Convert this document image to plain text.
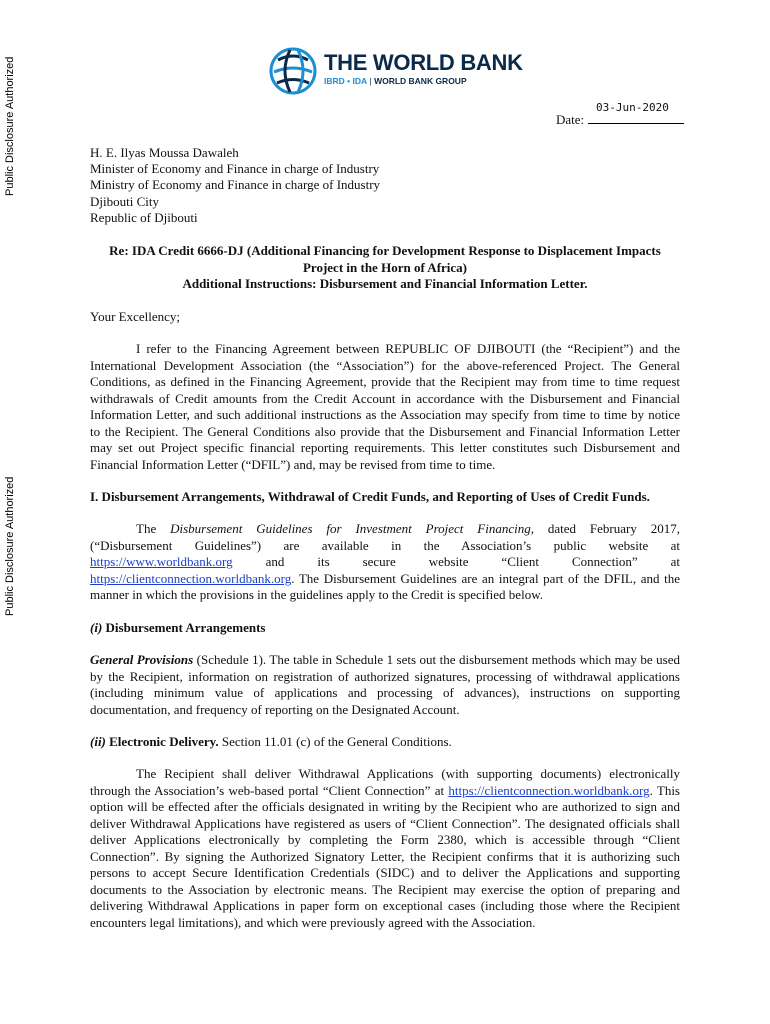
Public Disclosure Authorized
Public Disclosure Authorized
THE WORLD BANK
IBRD • IDA | WORLD BANK GROUP
03-Jun-2020
Date:
H. E. Ilyas Moussa Dawaleh
Minister of Economy and Finance in charge of Industry
Ministry of Economy and Finance in charge of Industry
Djibouti City
Republic of Djibouti
Re: IDA Credit 6666-DJ (Additional Financing for Development Response to Displacement Impacts
Project in the Horn of Africa)
Additional Instructions: Disbursement and Financial Information Letter.
Your Excellency;
I refer to the Financing Agreement between REPUBLIC OF DJIBOUTI (the “Recipient”) and the International Development Association (the “Association”) for the above-referenced Project. The General Conditions, as defined in the Financing Agreement, provide that the Recipient may from time to time request withdrawals of Credit amounts from the Credit Account in accordance with the Disbursement and Financial Information Letter, and such additional instructions as the Association may specify from time to time by notice to the Recipient. The General Conditions also provide that the Disbursement and Financial Information Letter may set out Project specific financial reporting requirements. This letter constitutes such Disbursement and Financial Information Letter (“DFIL”) and, may be revised from time to time.
I. Disbursement Arrangements, Withdrawal of Credit Funds, and Reporting of Uses of Credit Funds.
The Disbursement Guidelines for Investment Project Financing, dated February 2017,
(“Disbursement Guidelines”) are available in the Association’s public website at
https://www.worldbank.org and its secure website “Client Connection” at
https://clientconnection.worldbank.org. The Disbursement Guidelines are an integral part of the DFIL, and the manner in which the provisions in the guidelines apply to the Credit is specified below.
(i) Disbursement Arrangements
General Provisions (Schedule 1). The table in Schedule 1 sets out the disbursement methods which may be used by the Recipient, information on registration of authorized signatures, processing of withdrawal applications (including minimum value of applications and processing of advances), instructions on supporting documentation, and frequency of reporting on the Designated Account.
(ii) Electronic Delivery. Section 11.01 (c) of the General Conditions.
The Recipient shall deliver Withdrawal Applications (with supporting documents) electronically through the Association’s web-based portal “Client Connection” at https://clientconnection.worldbank.org. This option will be effected after the officials designated in writing by the Recipient who are authorized to sign and deliver Withdrawal Applications have registered as users of “Client Connection”. The designated officials shall deliver Applications electronically by completing the Form 2380, which is accessible through “Client Connection”. By signing the Authorized Signatory Letter, the Recipient confirms that it is authorizing such persons to accept Secure Identification Credentials (SIDC) and to deliver the Applications and supporting documents to the Association by electronic means. The Recipient may exercise the option of preparing and delivering Withdrawal Applications in paper form on exceptional cases (including those where the Recipient encounters legal limitations), and which were previously agreed with the Association.
